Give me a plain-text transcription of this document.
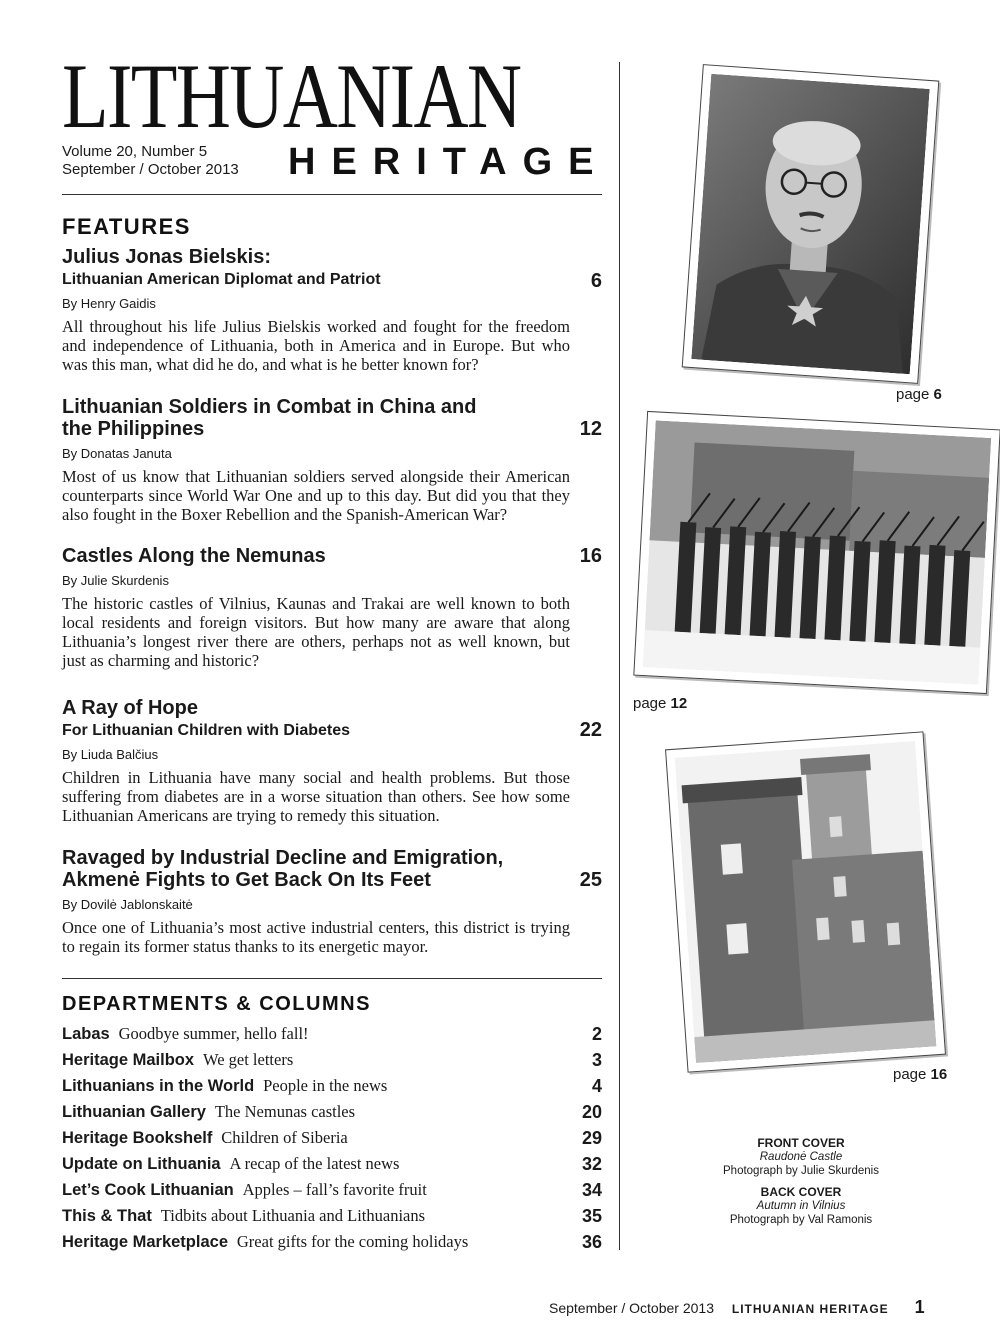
LITHUANIAN
Volume 20, Number 5
September / October 2013 HERITAGE
FEATURES
Julius Jonas Bielskis:
Lithuanian American Diplomat and Patriot	6
By Henry Gaidis
All throughout his life Julius Bielskis worked and fought for the freedom and independence of Lithuania, both in America and in Europe. But who was this man, what did he do, and what is he better known for?
Lithuanian Soldiers in Combat in China and the Philippines	12
By Donatas Januta
Most of us know that Lithuanian soldiers served alongside their American counterparts since World War One and up to this day. But did you that they also fought in the Boxer Rebellion and the Spanish-American War?
Castles Along the Nemunas	16
By Julie Skurdenis
The historic castles of Vilnius, Kaunas and Trakai are well known to both local residents and foreign visitors. But how many are aware that along Lithuania’s longest river there are others, perhaps not as well known, but just as charming and historic?
A Ray of Hope
For Lithuanian Children with Diabetes	22
By Liuda Balčius
Children in Lithuania have many social and health problems. But those suffering from diabetes are in a worse situation than others. See how some Lithuanian Americans are trying to remedy this situation.
Ravaged by Industrial Decline and Emigration, Akmenė Fights to Get Back On Its Feet	25
By Dovilė Jablonskaitė
Once one of Lithuania’s most active industrial centers, this district is trying to regain its former status thanks to its energetic mayor.
DEPARTMENTS & COLUMNS
Labas Goodbye summer, hello fall!	2
Heritage Mailbox We get letters	3
Lithuanians in the World People in the news	4
Lithuanian Gallery The Nemunas castles	20
Heritage Bookshelf Children of Siberia	29
Update on Lithuania A recap of the latest news	32
Let’s Cook Lithuanian Apples – fall’s favorite fruit	34
This & That Tidbits about Lithuania and Lithuanians	35
Heritage Marketplace Great gifts for the coming holidays	36
page 6
page 12
page 16
FRONT COVER
Raudonė Castle
Photograph by Julie Skurdenis
BACK COVER
Autumn in Vilnius
Photograph by Val Ramonis
September / October 2013 LITHUANIAN HERITAGE 1
